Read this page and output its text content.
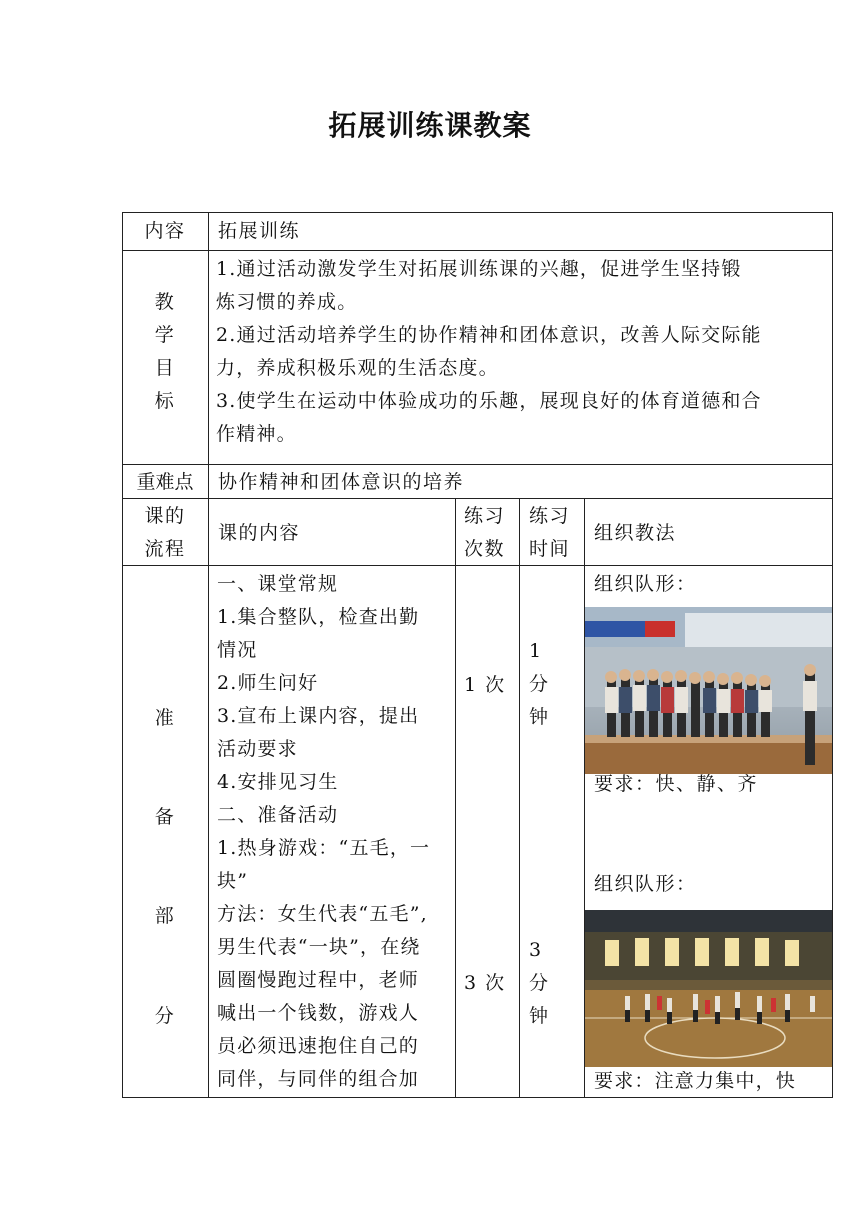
拓展训练课教案
内容	拓展训练
教
学
目
标
1.通过活动激发学生对拓展训练课的兴趣，促进学生坚持锻
炼习惯的养成。
2.通过活动培养学生的协作精神和团体意识，改善人际交际能
力，养成积极乐观的生活态度。
3.使学生在运动中体验成功的乐趣，展现良好的体育道德和合
作精神。
重难点	协作精神和团体意识的培养
课的
流程
课的内容
练习
次数
练习
时间
组织教法
准
备
部
分
一、课堂常规
1.集合整队，检查出勤
情况
2.师生问好
3.宣布上课内容，提出
活动要求
4.安排见习生
二、准备活动
1.热身游戏：“五毛，一
块”
方法：女生代表“五毛”,
男生代表“一块”，在绕
圆圈慢跑过程中，老师
喊出一个钱数，游戏人
员必须迅速抱住自己的
同伴，与同伴的组合加
1 次
3 次
1
分
钟
3
分
钟
组织队形：
要求：快、静、齐
组织队形：
要求：注意力集中，快
